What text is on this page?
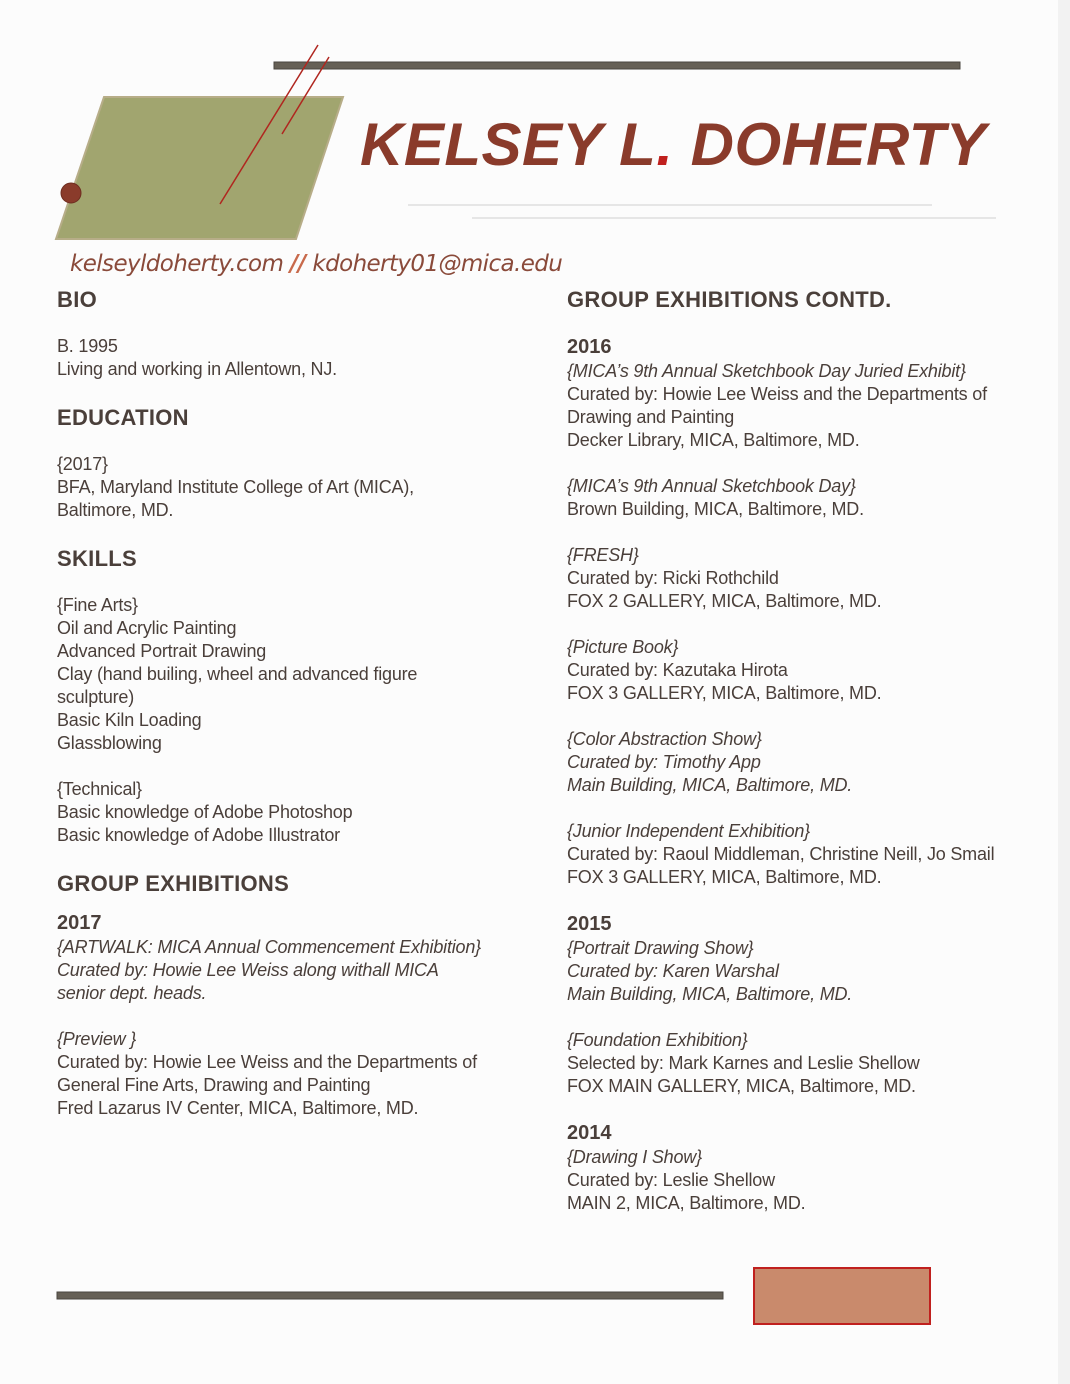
KELSEY L. DOHERTY
kelseyldoherty.com // kdoherty01@mica.edu
BIO
B. 1995
Living and working in Allentown, NJ.
EDUCATION
{2017}
BFA, Maryland Institute College of Art (MICA),
Baltimore, MD.
SKILLS
{Fine Arts}
Oil and Acrylic Painting
Advanced Portrait Drawing
Clay (hand builing, wheel and advanced figure
sculpture)
Basic Kiln Loading
Glassblowing
{Technical}
Basic knowledge of Adobe Photoshop
Basic knowledge of Adobe Illustrator
GROUP EXHIBITIONS
2017
{ARTWALK: MICA Annual Commencement Exhibition}
Curated by: Howie Lee Weiss along withall MICA
senior dept. heads.
{Preview }
Curated by: Howie Lee Weiss and the Departments of
General Fine Arts, Drawing and Painting
Fred Lazarus IV Center, MICA, Baltimore, MD.
GROUP EXHIBITIONS CONTD.
2016
{MICA’s 9th Annual Sketchbook Day Juried Exhibit}
Curated by: Howie Lee Weiss and the Departments of
Drawing and Painting
Decker Library, MICA, Baltimore, MD.
{MICA’s 9th Annual Sketchbook Day}
Brown Building, MICA, Baltimore, MD.
{FRESH}
Curated by: Ricki Rothchild
FOX 2 GALLERY, MICA, Baltimore, MD.
{Picture Book}
Curated by: Kazutaka Hirota
FOX 3 GALLERY, MICA, Baltimore, MD.
{Color Abstraction Show}
Curated by: Timothy App
Main Building, MICA, Baltimore, MD.
{Junior Independent Exhibition}
Curated by: Raoul Middleman, Christine Neill, Jo Smail
FOX 3 GALLERY, MICA, Baltimore, MD.
2015
{Portrait Drawing Show}
Curated by: Karen Warshal
Main Building, MICA, Baltimore, MD.
{Foundation Exhibition}
Selected by: Mark Karnes and Leslie Shellow
FOX MAIN GALLERY, MICA, Baltimore, MD.
2014
{Drawing I Show}
Curated by: Leslie Shellow
MAIN 2, MICA, Baltimore, MD.
